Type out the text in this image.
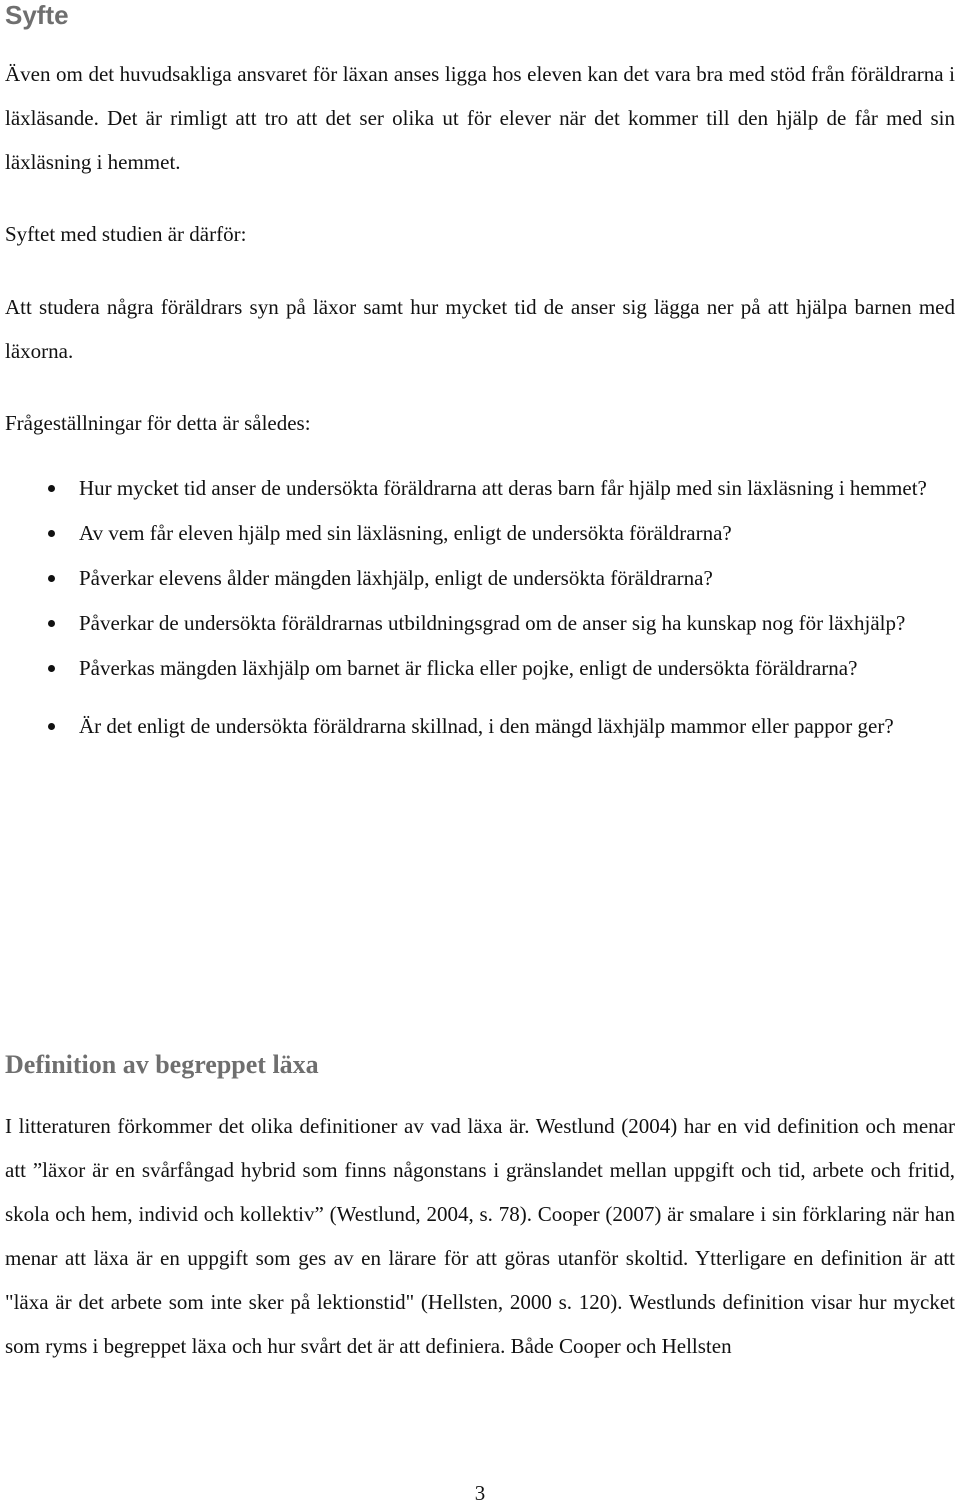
Syfte

Även om det huvudsakliga ansvaret för läxan anses ligga hos eleven kan det vara bra med stöd från föräldrarna i läxläsande. Det är rimligt att tro att det ser olika ut för elever när det kommer till den hjälp de får med sin läxläsning i hemmet.

Syftet med studien är därför:

Att studera några föräldrars syn på läxor samt hur mycket tid de anser sig lägga ner på att hjälpa barnen med läxorna.

Frågeställningar för detta är således:

Hur mycket tid anser de undersökta föräldrarna att deras barn får hjälp med sin läxläsning i hemmet?
Av vem får eleven hjälp med sin läxläsning, enligt de undersökta föräldrarna?
Påverkar elevens ålder mängden läxhjälp, enligt de undersökta föräldrarna?
Påverkar de undersökta föräldrarnas utbildningsgrad om de anser sig ha kunskap nog för läxhjälp?
Påverkas mängden läxhjälp om barnet är flicka eller pojke, enligt de undersökta föräldrarna?
Är det enligt de undersökta föräldrarna skillnad, i den mängd läxhjälp mammor eller pappor ger?
Definition av begreppet läxa

I litteraturen förkommer det olika definitioner av vad läxa är. Westlund (2004) har en vid definition och menar att ”läxor är en svårfångad hybrid som finns någonstans i gränslandet mellan uppgift och tid, arbete och fritid, skola och hem, individ och kollektiv” (Westlund, 2004, s. 78). Cooper (2007) är smalare i sin förklaring när han menar att läxa är en uppgift som ges av en lärare för att göras utanför skoltid. Ytterligare en definition är att "läxa är det arbete som inte sker på lektionstid" (Hellsten, 2000 s. 120). Westlunds definition visar hur mycket som ryms i begreppet läxa och hur svårt det är att definiera. Både Cooper och Hellsten

3
